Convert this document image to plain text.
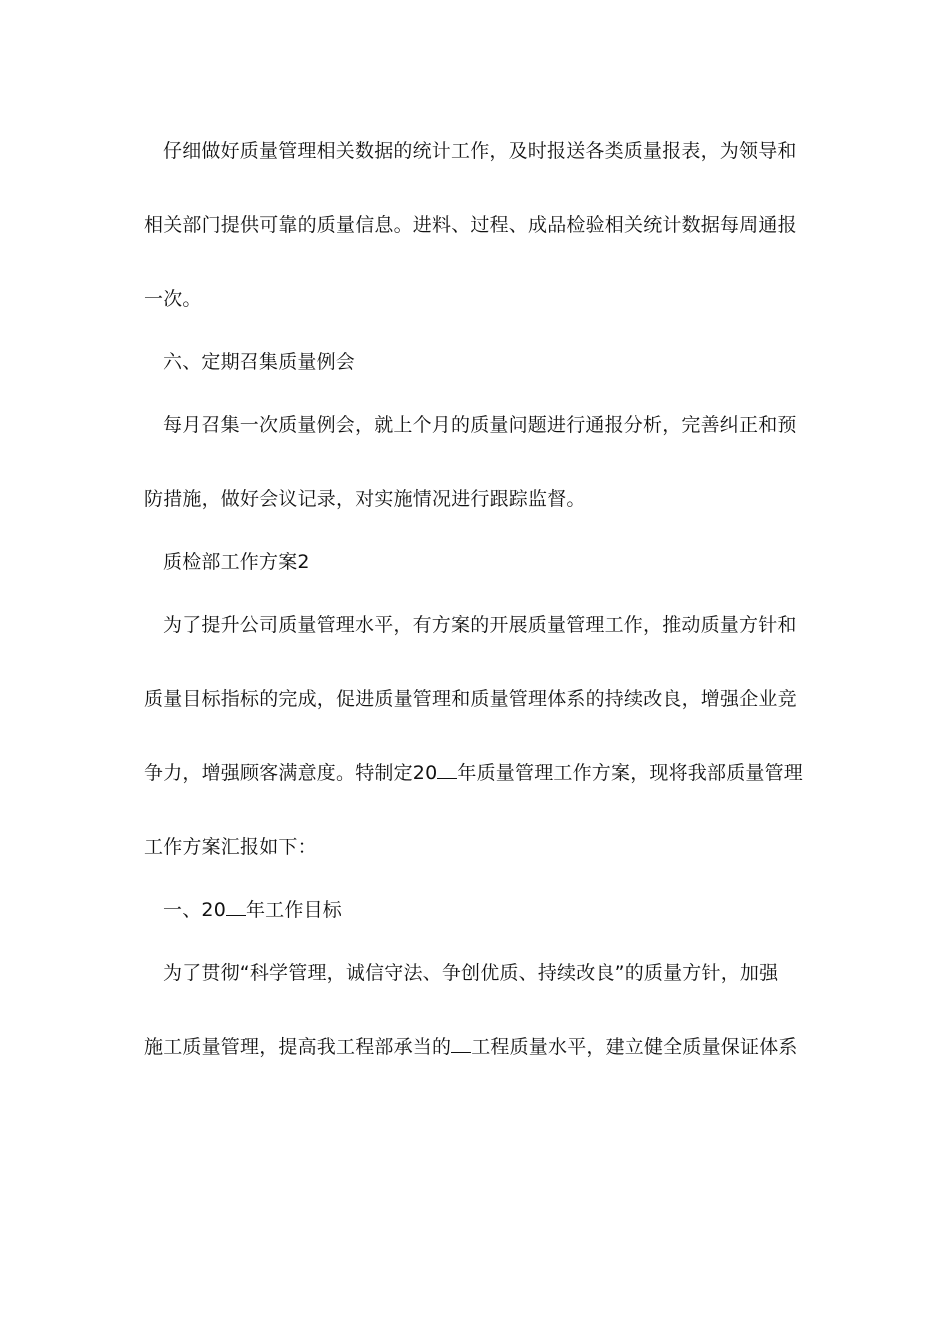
仔细做好质量管理相关数据的统计工作，及时报送各类质量报表，为领导和
相关部门提供可靠的质量信息。进料、过程、成品检验相关统计数据每周通报
一次。
六、定期召集质量例会
每月召集一次质量例会，就上个月的质量问题进行通报分析，完善纠正和预
防措施，做好会议记录，对实施情况进行跟踪监督。
质检部工作方案2
为了提升公司质量管理水平，有方案的开展质量管理工作，推动质量方针和
质量目标指标的完成，促进质量管理和质量管理体系的持续改良，增强企业竞
争力，增强顾客满意度。特制定20 年质量管理工作方案，现将我部质量管理
工作方案汇报如下：
一、20 年工作目标
为了贯彻“科学管理，诚信守法、争创优质、持续改良”的质量方针，加强
施工质量管理，提高我工程部承当的 工程质量水平，建立健全质量保证体系
